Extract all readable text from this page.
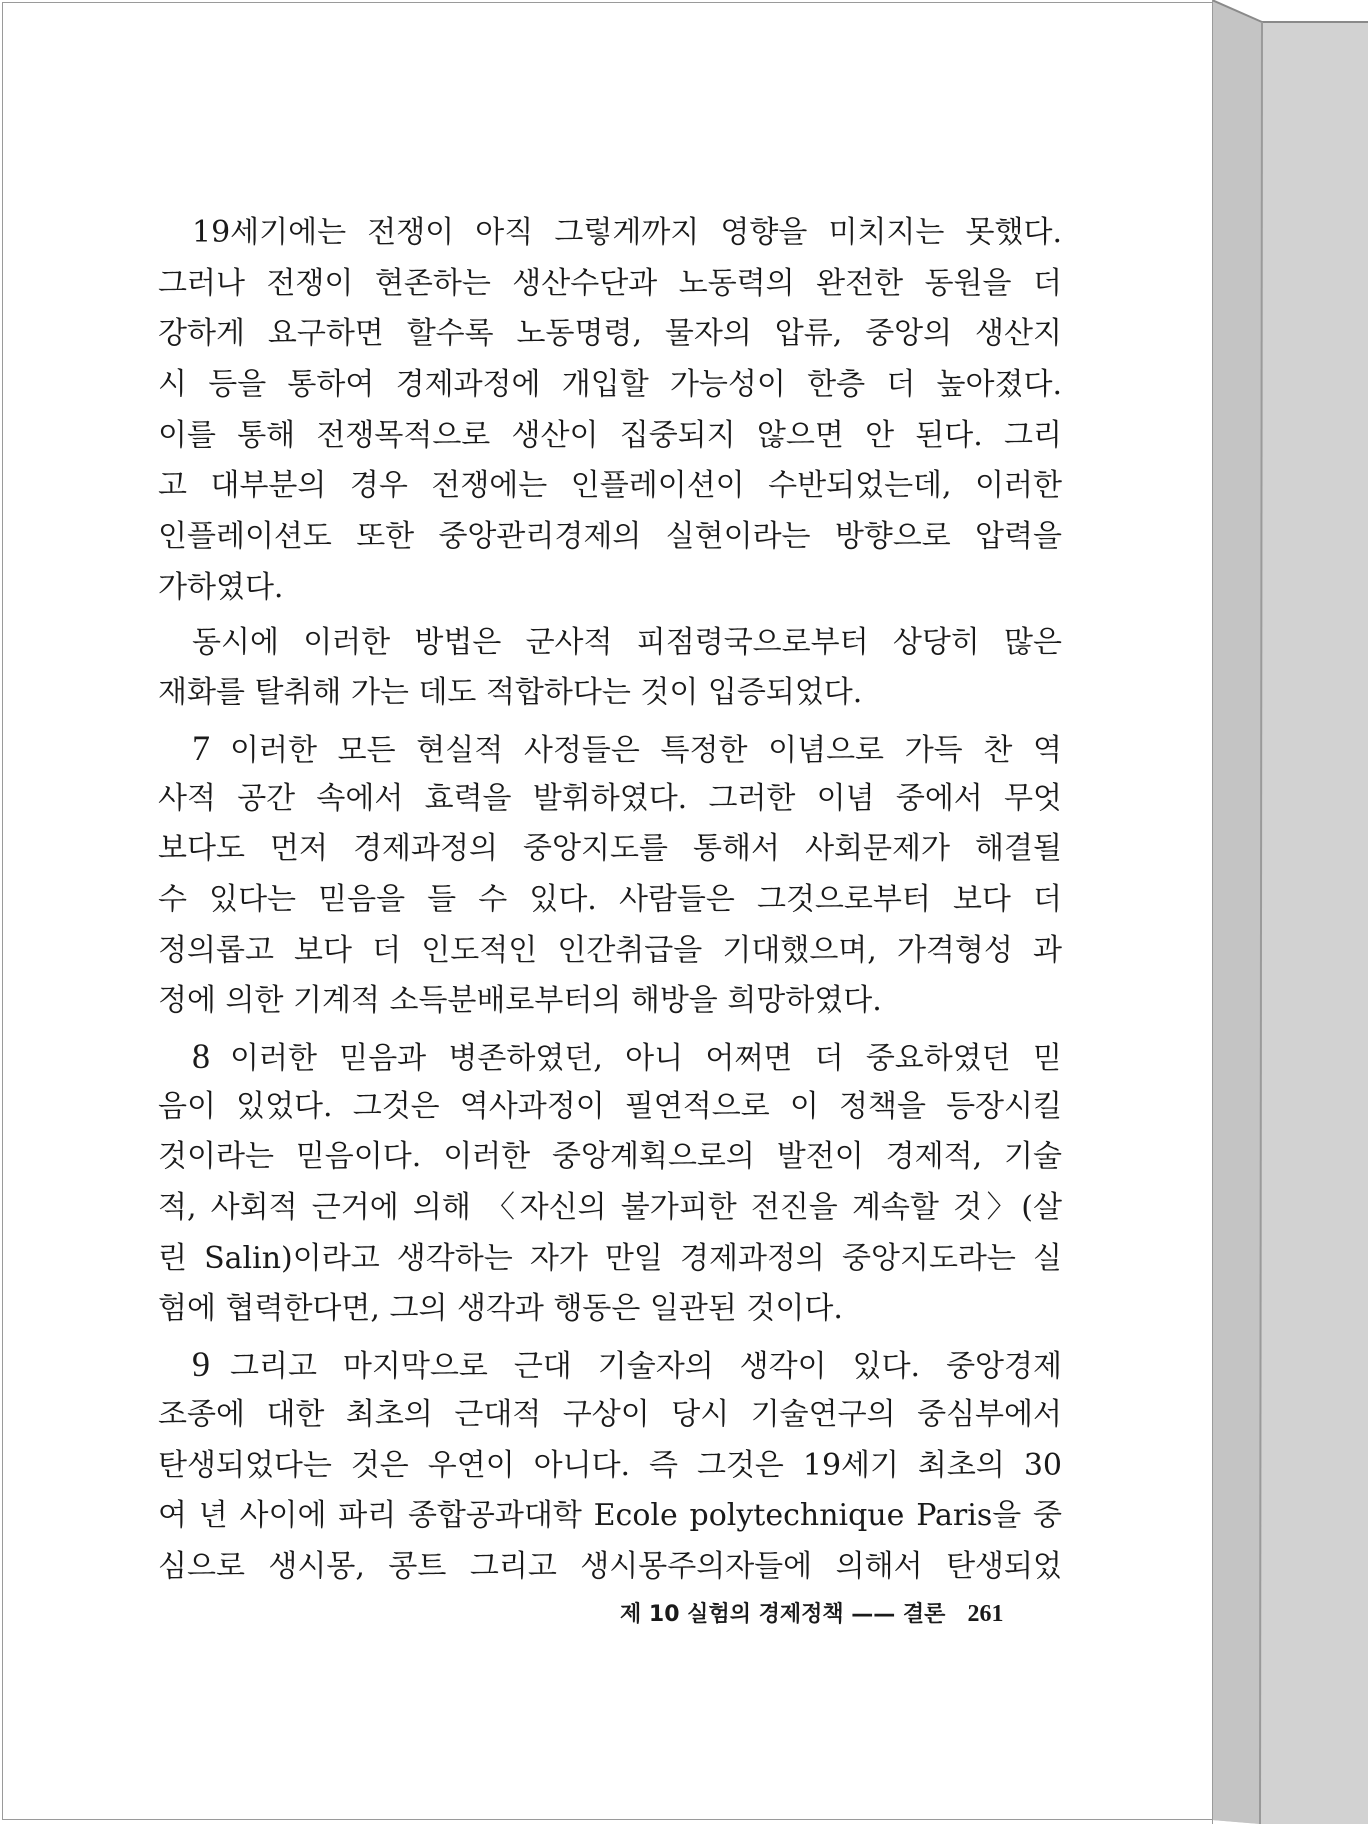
19세기에는 전쟁이 아직 그렇게까지 영향을 미치지는 못했다.
그러나 전쟁이 현존하는 생산수단과 노동력의 완전한 동원을 더
강하게 요구하면 할수록 노동명령, 물자의 압류, 중앙의 생산지
시 등을 통하여 경제과정에 개입할 가능성이 한층 더 높아졌다.
이를 통해 전쟁목적으로 생산이 집중되지 않으면 안 된다. 그리
고 대부분의 경우 전쟁에는 인플레이션이 수반되었는데, 이러한
인플레이션도 또한 중앙관리경제의 실현이라는 방향으로 압력을
가하였다.
동시에 이러한 방법은 군사적 피점령국으로부터 상당히 많은
재화를 탈취해 가는 데도 적합하다는 것이 입증되었다.
7 이러한 모든 현실적 사정들은 특정한 이념으로 가득 찬 역
사적 공간 속에서 효력을 발휘하였다. 그러한 이념 중에서 무엇
보다도 먼저 경제과정의 중앙지도를 통해서 사회문제가 해결될
수 있다는 믿음을 들 수 있다. 사람들은 그것으로부터 보다 더
정의롭고 보다 더 인도적인 인간취급을 기대했으며, 가격형성 과
정에 의한 기계적 소득분배로부터의 해방을 희망하였다.
8 이러한 믿음과 병존하였던, 아니 어쩌면 더 중요하였던 믿
음이 있었다. 그것은 역사과정이 필연적으로 이 정책을 등장시킬
것이라는 믿음이다. 이러한 중앙계획으로의 발전이 경제적, 기술
적, 사회적 근거에 의해 〈자신의 불가피한 전진을 계속할 것〉(살
린 Salin)이라고 생각하는 자가 만일 경제과정의 중앙지도라는 실
험에 협력한다면, 그의 생각과 행동은 일관된 것이다.
9 그리고 마지막으로 근대 기술자의 생각이 있다. 중앙경제
조종에 대한 최초의 근대적 구상이 당시 기술연구의 중심부에서
탄생되었다는 것은 우연이 아니다. 즉 그것은 19세기 최초의 30
여 년 사이에 파리 종합공과대학 Ecole polytechnique Paris을 중
심으로 생시몽, 콩트 그리고 생시몽주의자들에 의해서 탄생되었
제 10 실험의 경제정책 —— 결론 261
